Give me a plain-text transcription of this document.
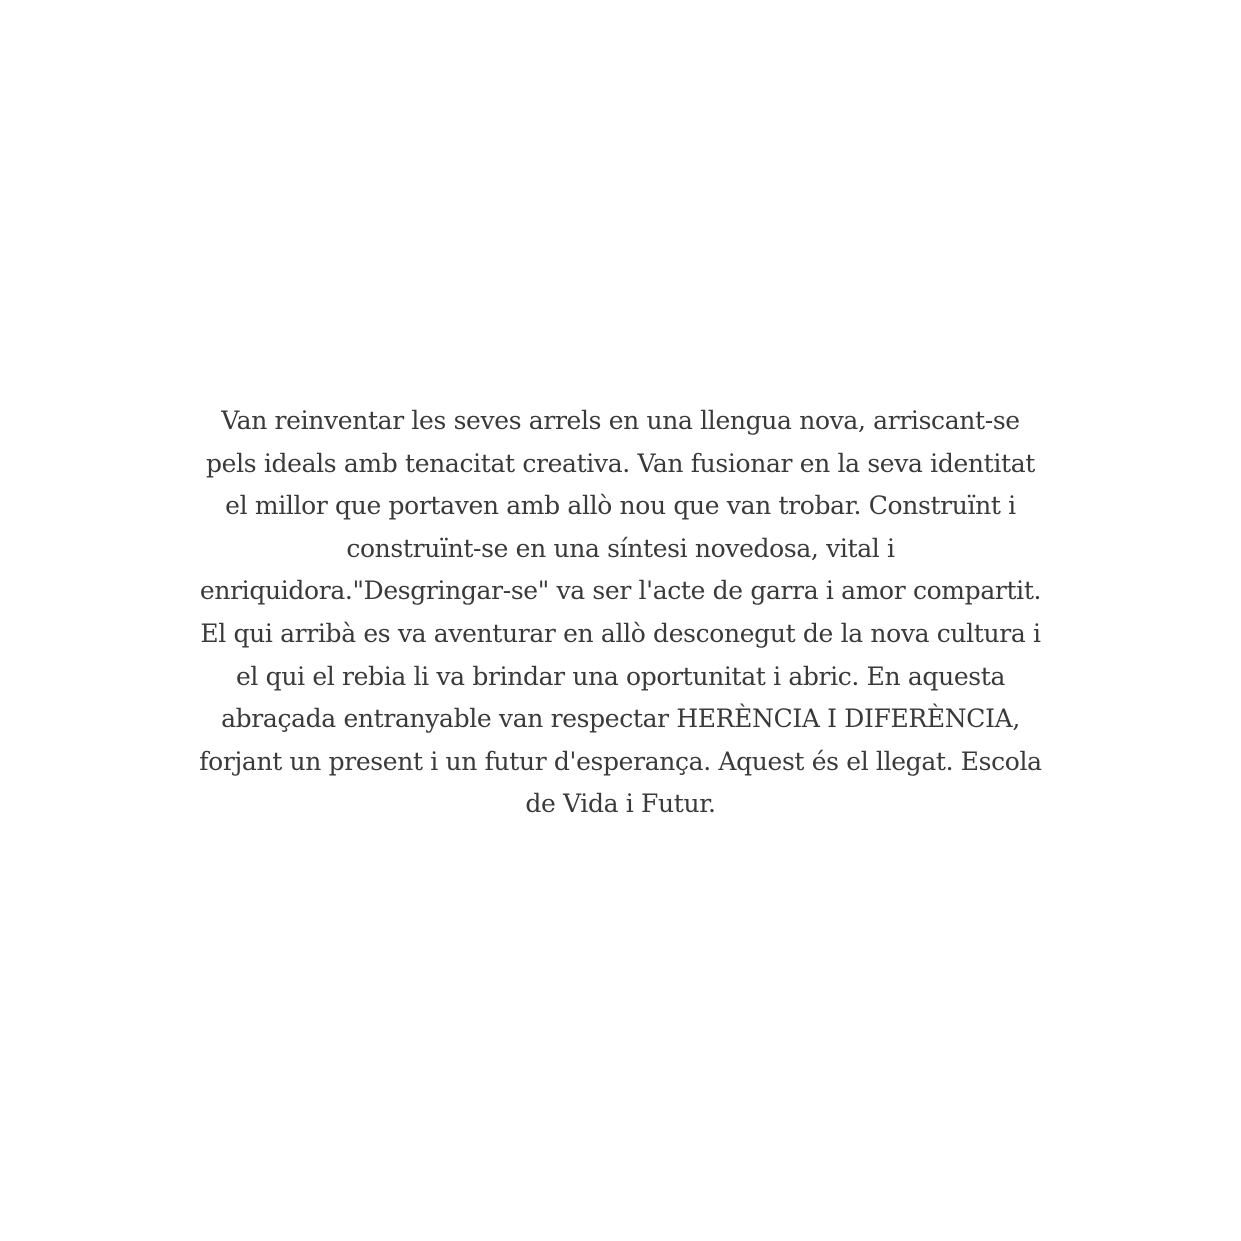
Van reinventar les seves arrels en una llengua nova, arriscant-se
pels ideals amb tenacitat creativa. Van fusionar en la seva identitat
el millor que portaven amb allò nou que van trobar. Construïnt i
construïnt-se en una síntesi novedosa, vital i
enriquidora."Desgringar-se" va ser l'acte de garra i amor compartit.
El qui arribà es va aventurar en allò desconegut de la nova cultura i
el qui el rebia li va brindar una oportunitat i abric. En aquesta
abraçada entranyable van respectar HERÈNCIA I DIFERÈNCIA,
forjant un present i un futur d'esperança. Aquest és el llegat. Escola
de Vida i Futur.
